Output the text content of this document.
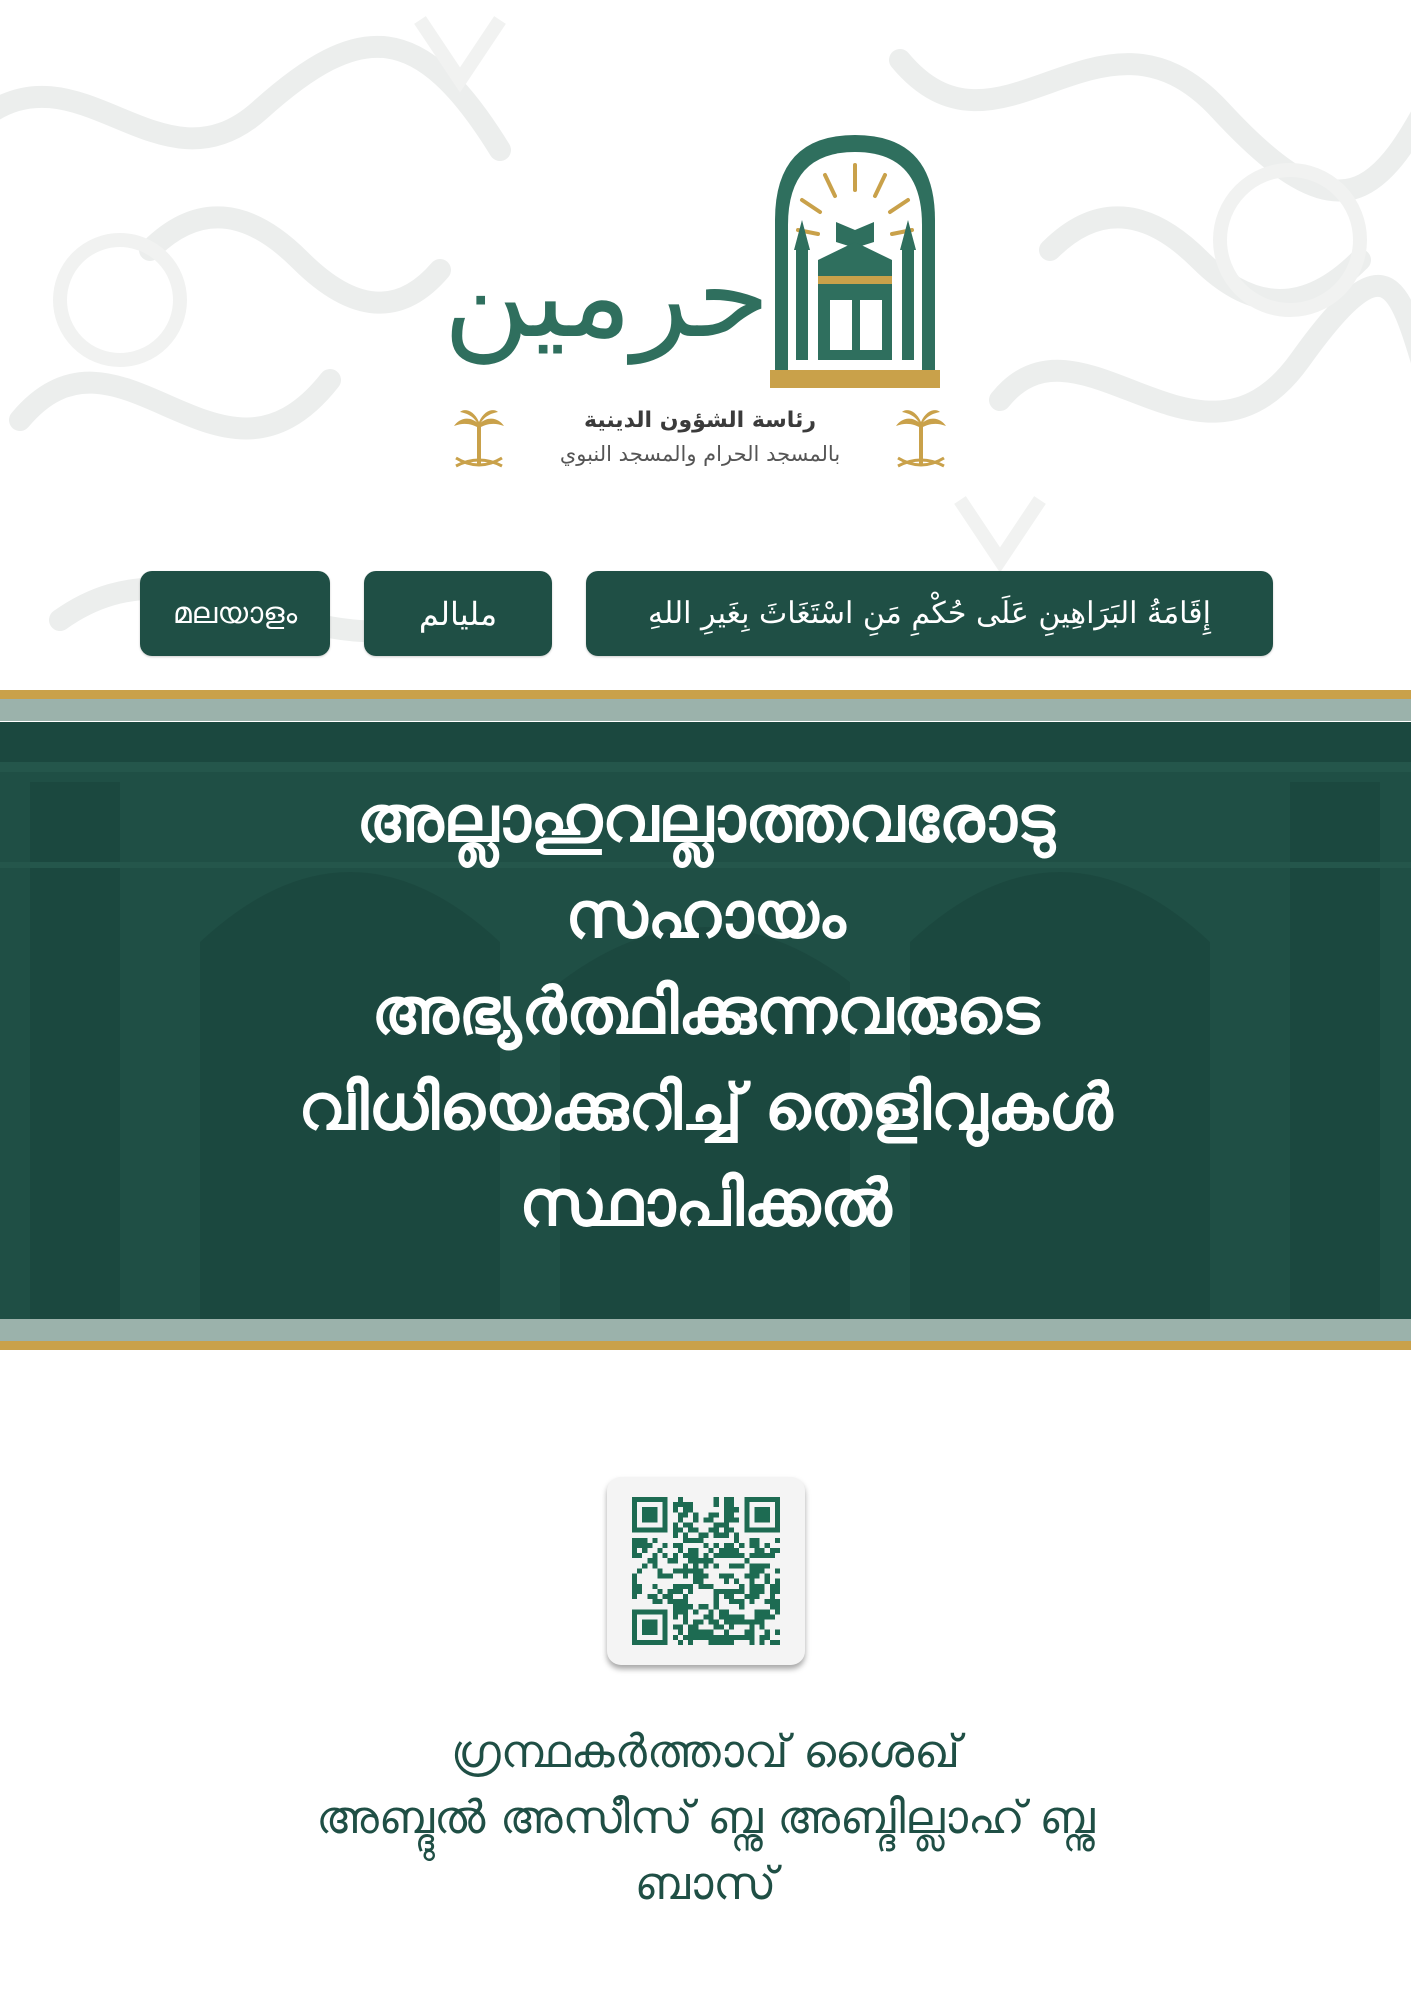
حرمين
رئاسة الشؤون الدينية
بالمسجد الحرام والمسجد النبوي
മലയാളം	مليالم	إِقَامَةُ البَرَاهِينِ عَلَى حُكْمِ مَنِ اسْتَغَاثَ بِغَيرِ اللهِ
അല്ലാഹുവല്ലാത്തവരോടു
സഹായം
അഭ്യർത്ഥിക്കുന്നവരുടെ
വിധിയെക്കുറിച്ച് തെളിവുകൾ
സ്ഥാപിക്കൽ
ഗ്രന്ഥകർത്താവ് ശൈഖ്
അബ്ദുൽ അസീസ് ബ്നു അബ്ദില്ലാഹ് ബ്നു
ബാസ്
